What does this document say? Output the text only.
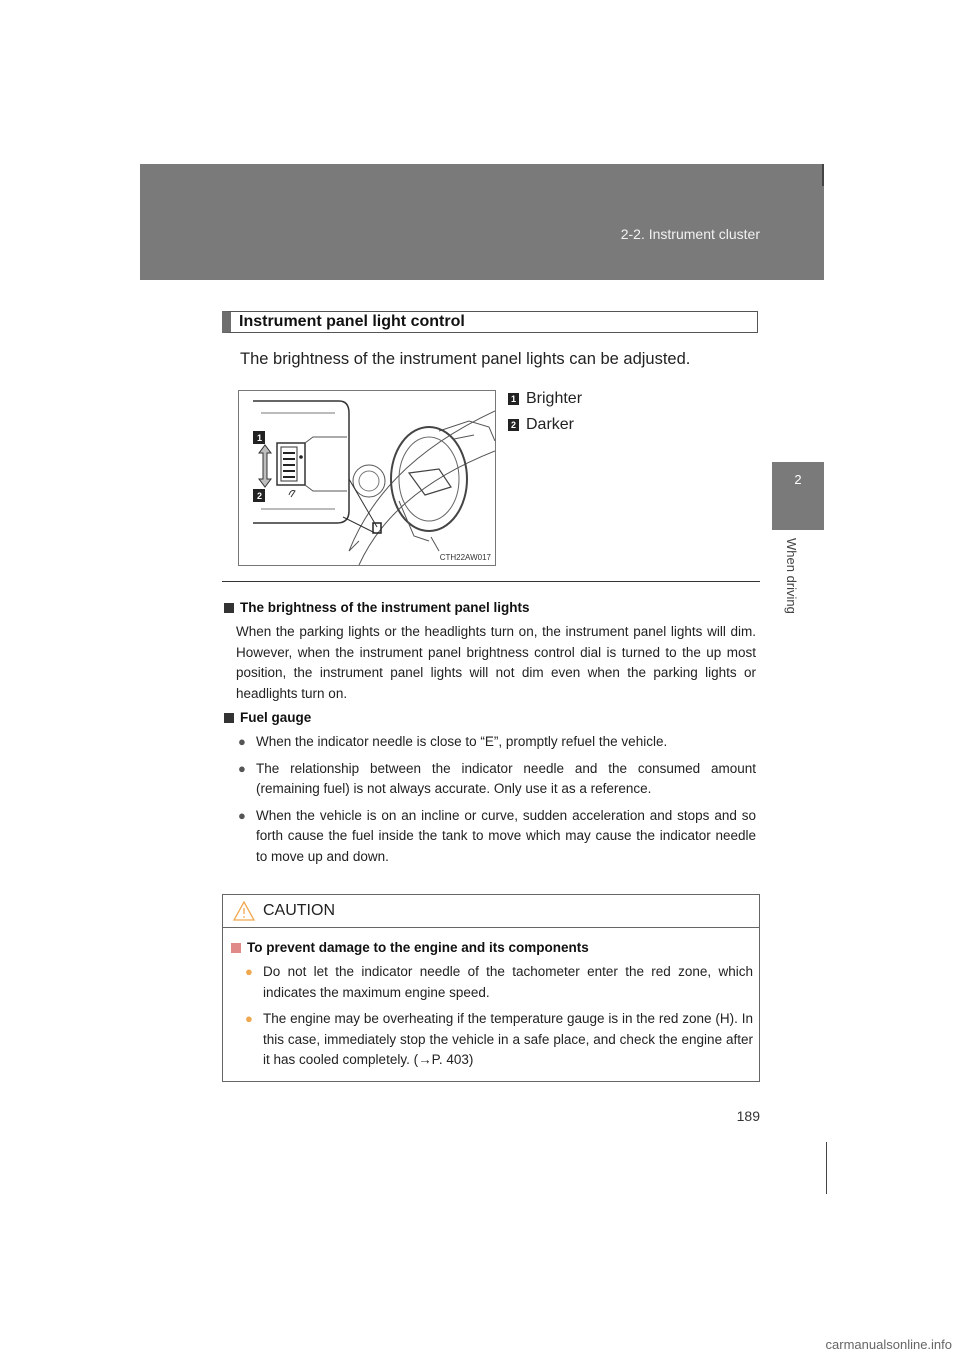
2-2. Instrument cluster
2
When driving
Instrument panel light control
The brightness of the instrument panel lights can be adjusted.
1
2
CTH22AW017
1 Brighter
2 Darker
The brightness of the instrument panel lights
When the parking lights or the headlights turn on, the instrument panel lights will dim. However, when the instrument panel brightness control dial is turned to the up most position, the instrument panel lights will not dim even when the parking lights or headlights turn on.
Fuel gauge
● When the indicator needle is close to “E”, promptly refuel the vehicle.
● The relationship between the indicator needle and the consumed amount (remaining fuel) is not always accurate. Only use it as a reference.
● When the vehicle is on an incline or curve, sudden acceleration and stops and so forth cause the fuel inside the tank to move which may cause the indicator needle to move up and down.
CAUTION
To prevent damage to the engine and its components
● Do not let the indicator needle of the tachometer enter the red zone, which indicates the maximum engine speed.
● The engine may be overheating if the temperature gauge is in the red zone (H). In this case, immediately stop the vehicle in a safe place, and check the engine after it has cooled completely. (→P. 403)
189
carmanualsonline.info
